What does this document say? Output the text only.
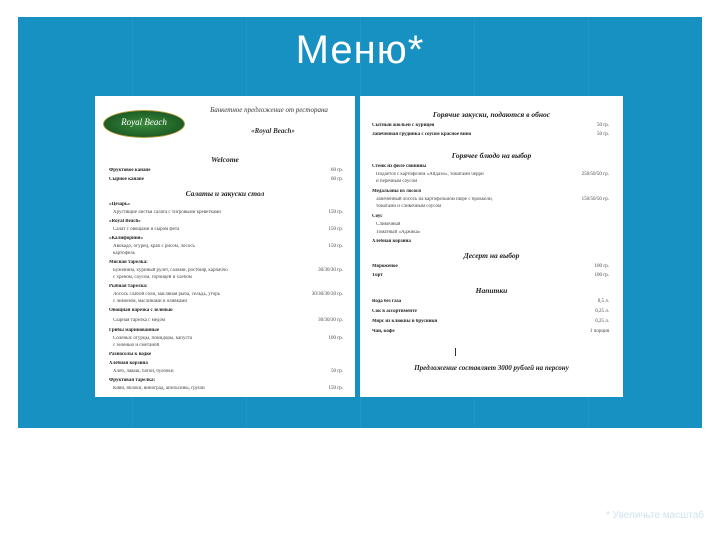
Меню*
Банкетное предложение от ресторана
Royal Beach
«Royal Beach»
Welcome
Фруктовое канапе	60 гр.
Сырное канапе	60 гр.
Салаты и закуски стол
«Цезарь»
Хрустящие листья салата с тигровыми креветками	150 гр.
«Royal Beach»
Салат с овощами и сыром фета	150 гр.
«Калифорния»
Авокадо, огурец, краб с рисом, лосось	150 гр.
картофель
Мясная тарелка:
Буженина, куриный рулет, салями, ростбиф, карпаччо	30/30/30 гр.
с хреном, соусом, горчицей и хлебом
Рыбная тарелка:
Лосось слабой соли, масляная рыба, сельдь, угорь	30/30/30/30 гр.
с лимоном, маслинами и оливками
Овощная нарезка с зеленью
Сырная тарелка с медом	30/30/30 гр.
Грибы маринованные
Соленья: огурцы, помидоры, капуста	100 гр.
с зеленью и сметаной
Разносолы к водке
Хлебная корзина
Хлеб, лаваш, батон, булочки	50 гр.
Фруктовая тарелка:
Киви, яблоки, виноград, апельсины, груши	150 гр.
Горячие закуски, подаются в обнос
Сытный жюльен с курицей	50 гр.
Запеченная грудинка с соусом красное вино	50 гр.
Горячее блюдо на выбор
Стейк из филе свинины
Подается с картофелем «Айдахо», томатами черри	250/50/50 гр.
и перечным соусом
Медальоны из лосося
Запеченный лосось на картофельном пюре с брокколи,	150/50/50 гр.
томатами и сливочным соусом
Соус
Сливочный
Томатный «Аджика»
Хлебная корзина
Десерт на выбор
Мороженое	100 гр.
Торт	100 гр.
Напитки
Вода без газа	0,5 л.
Сок в ассортименте	0,25 л.
Морс из клюквы и брусники	0,25 л.
Чай, кофе	1 порция
Предложение составляет 3000 рублей на персону
* Увеличьте масштаб
